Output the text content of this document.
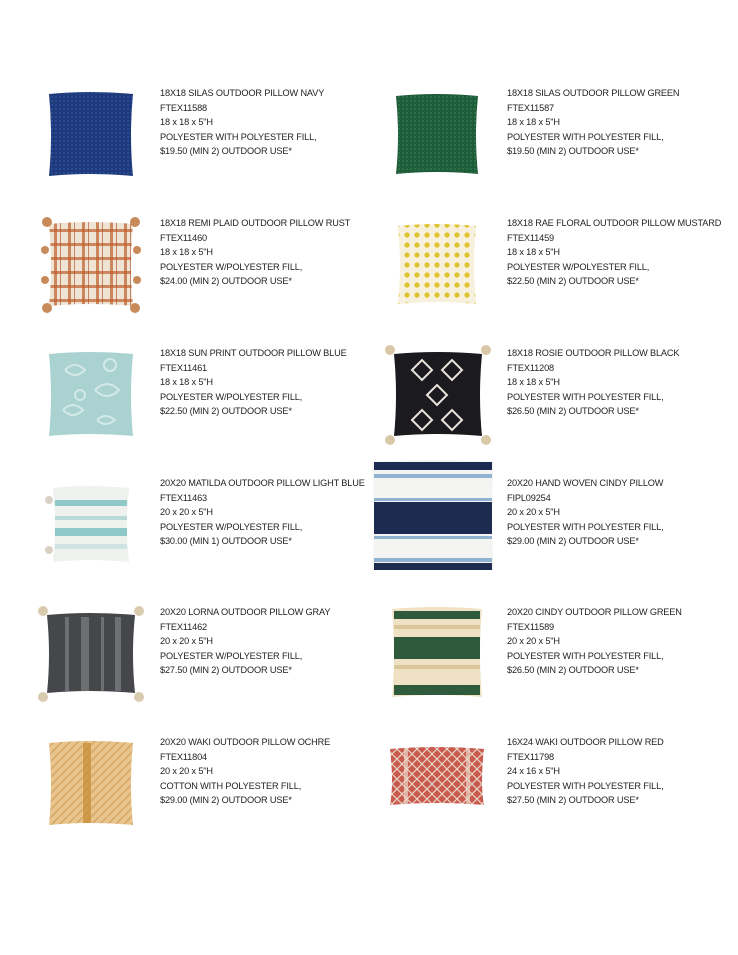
18X18 SILAS OUTDOOR PILLOW NAVY
FTEX11588
18 x 18 x 5"H
POLYESTER WITH POLYESTER FILL,
$19.50 (MIN 2) OUTDOOR USE*
18X18 REMI PLAID OUTDOOR PILLOW RUST
FTEX11460
18 x 18 x 5"H
POLYESTER W/POLYESTER FILL,
$24.00 (MIN 2) OUTDOOR USE*
18X18 SUN PRINT OUTDOOR PILLOW BLUE
FTEX11461
18 x 18 x 5"H
POLYESTER W/POLYESTER FILL,
$22.50 (MIN 2) OUTDOOR USE*
20X20 MATILDA OUTDOOR PILLOW LIGHT BLUE
FTEX11463
20 x 20 x 5"H
POLYESTER W/POLYESTER FILL,
$30.00 (MIN 1) OUTDOOR USE*
20X20 LORNA OUTDOOR PILLOW GRAY
FTEX11462
20 x 20 x 5"H
POLYESTER W/POLYESTER FILL,
$27.50 (MIN 2) OUTDOOR USE*
20X20 WAKI OUTDOOR PILLOW OCHRE
FTEX11804
20 x 20 x 5"H
COTTON WITH POLYESTER FILL,
$29.00 (MIN 2) OUTDOOR USE*
18X18 SILAS OUTDOOR PILLOW GREEN
FTEX11587
18 x 18 x 5"H
POLYESTER WITH POLYESTER FILL,
$19.50 (MIN 2) OUTDOOR USE*
18X18 RAE FLORAL OUTDOOR PILLOW MUSTARD
FTEX11459
18 x 18 x 5"H
POLYESTER W/POLYESTER FILL,
$22.50 (MIN 2) OUTDOOR USE*
18X18 ROSIE OUTDOOR PILLOW BLACK
FTEX11208
18 x 18 x 5"H
POLYESTER WITH POLYESTER FILL,
$26.50 (MIN 2) OUTDOOR USE*
20X20 HAND WOVEN CINDY PILLOW
FIPL09254
20 x 20 x 5"H
POLYESTER WITH POLYESTER FILL,
$29.00 (MIN 2) OUTDOOR USE*
20X20 CINDY OUTDOOR PILLOW GREEN
FTEX11589
20 x 20 x 5"H
POLYESTER WITH POLYESTER FILL,
$26.50 (MIN 2) OUTDOOR USE*
16X24 WAKI OUTDOOR PILLOW RED
FTEX11798
24 x 16 x 5"H
POLYESTER WITH POLYESTER FILL,
$27.50 (MIN 2) OUTDOOR USE*
